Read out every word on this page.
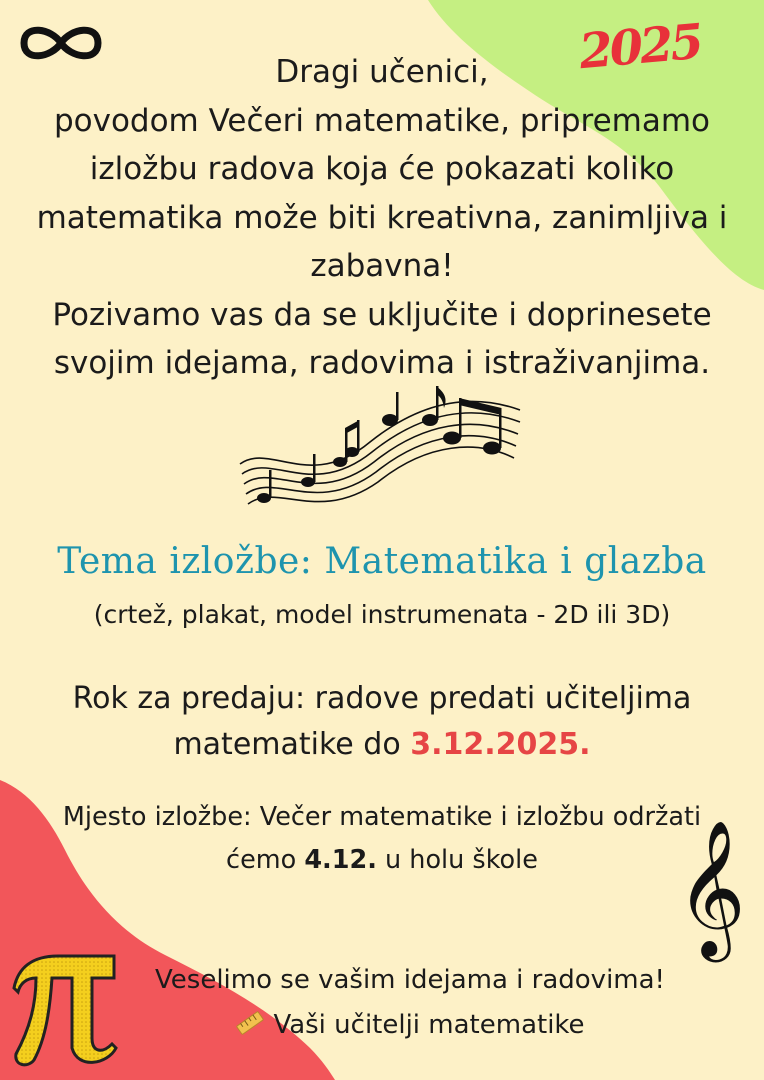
2025
Dragi učenici,
povodom Večeri matematike, pripremamo
izložbu radova koja će pokazati koliko
matematika može biti kreativna, zanimljiva i
zabavna!
Pozivamo vas da se uključite i doprinesete
svojim idejama, radovima i istraživanjima.
Tema izložbe: Matematika i glazba
(crtež, plakat, model instrumenata - 2D ili 3D)
Rok za predaju: radove predati učiteljima
matematike do 3.12.2025.
Mjesto izložbe: Večer matematike i izložbu održati
ćemo 4.12. u holu škole	𝄞
Veselimo se vašim idejama i radovima!
Vaši učitelji matematike
